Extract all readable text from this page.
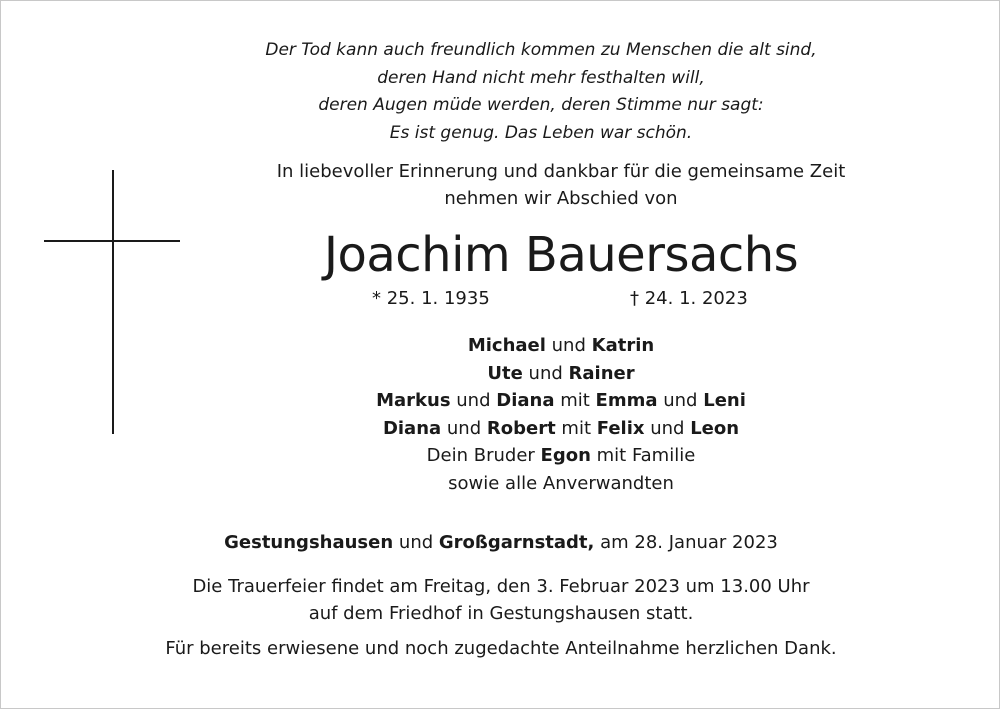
Der Tod kann auch freundlich kommen zu Menschen die alt sind,
deren Hand nicht mehr festhalten will,
deren Augen müde werden, deren Stimme nur sagt:
Es ist genug. Das Leben war schön.
In liebevoller Erinnerung und dankbar für die gemeinsame Zeit
nehmen wir Abschied von
Joachim Bauersachs
* 25. 1. 1935	† 24. 1. 2023
Michael und Katrin
Ute und Rainer
Markus und Diana mit Emma und Leni
Diana und Robert mit Felix und Leon
Dein Bruder Egon mit Familie
sowie alle Anverwandten
Gestungshausen und Großgarnstadt, am 28. Januar 2023
Die Trauerfeier findet am Freitag, den 3. Februar 2023 um 13.00 Uhr
auf dem Friedhof in Gestungshausen statt.
Für bereits erwiesene und noch zugedachte Anteilnahme herzlichen Dank.
